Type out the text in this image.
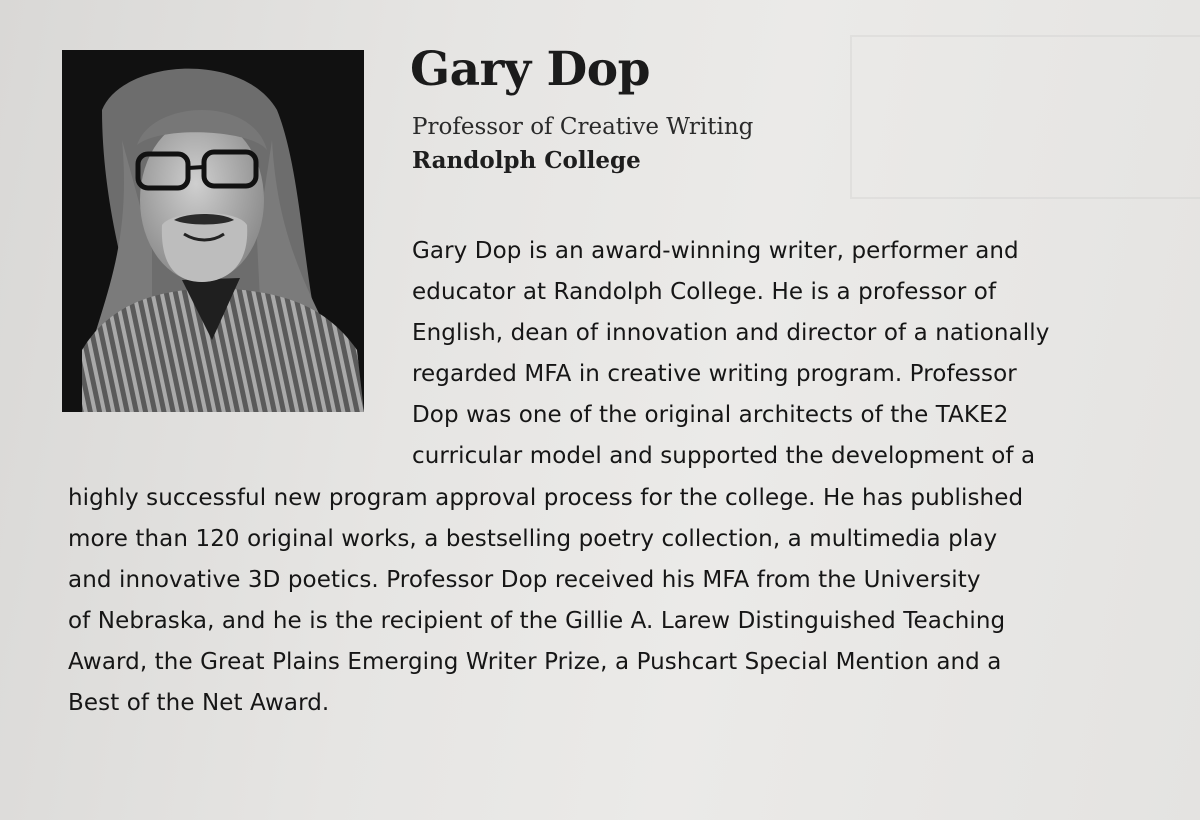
Gary Dop

Professor of Creative Writing

Randolph College

Gary Dop is an award-winning writer, performer and

educator at Randolph College. He is a professor of

English, dean of innovation and director of a nationally

regarded MFA in creative writing program. Professor

Dop was one of the original architects of the TAKE2

curricular model and supported the development of a

highly successful new program approval process for the college. He has published

more than 120 original works, a bestselling poetry collection, a multimedia play

and innovative 3D poetics. Professor Dop received his MFA from the University

of Nebraska, and he is the recipient of the Gillie A. Larew Distinguished Teaching

Award, the Great Plains Emerging Writer Prize, a Pushcart Special Mention and a

Best of the Net Award.
